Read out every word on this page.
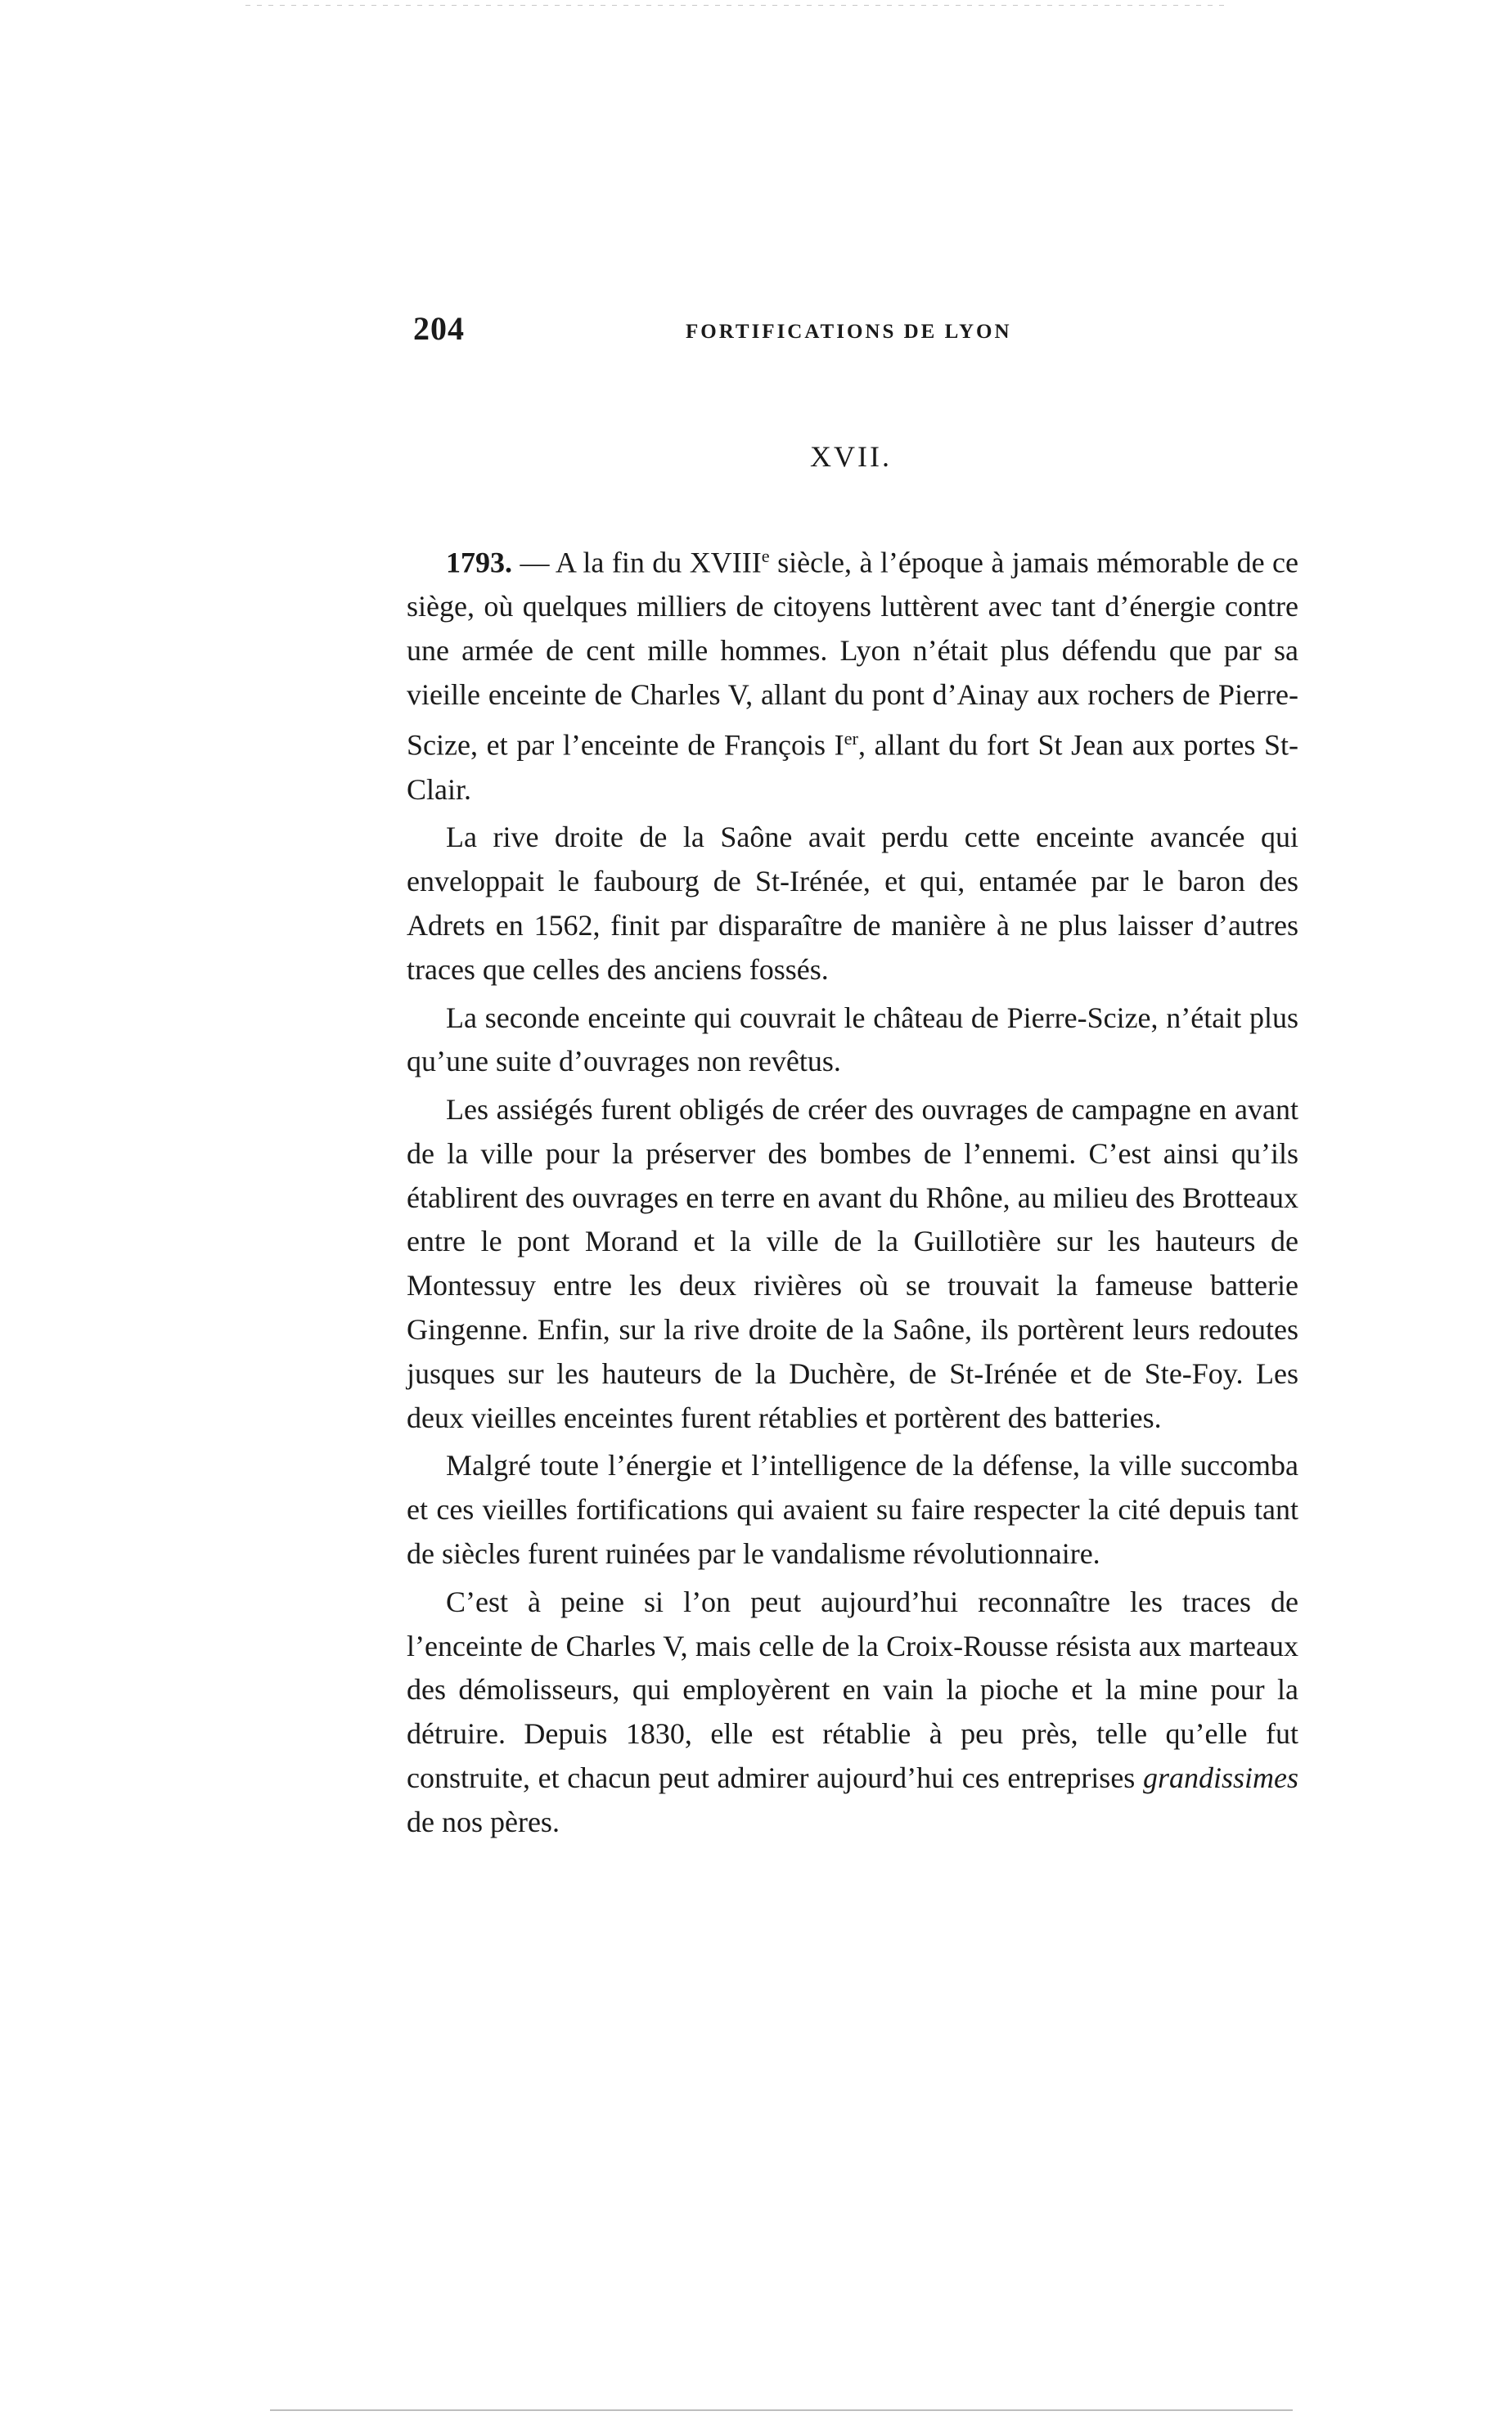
204	FORTIFICATIONS DE LYON
XVII.

1793. — A la fin du XVIIIe siècle, à l’époque à jamais mémorable de ce siège, où quelques milliers de citoyens luttèrent avec tant d’énergie contre une armée de cent mille hommes. Lyon n’était plus défendu que par sa vieille enceinte de Charles V, allant du pont d’Ainay aux rochers de Pierre-Scize, et par l’enceinte de François Ier, allant du fort St Jean aux portes St-Clair.

La rive droite de la Saône avait perdu cette enceinte avancée qui enveloppait le faubourg de St-Irénée, et qui, entamée par le baron des Adrets en 1562, finit par disparaître de manière à ne plus laisser d’autres traces que celles des anciens fossés.

La seconde enceinte qui couvrait le château de Pierre-Scize, n’était plus qu’une suite d’ouvrages non revêtus.

Les assiégés furent obligés de créer des ouvrages de campagne en avant de la ville pour la préserver des bombes de l’ennemi. C’est ainsi qu’ils établirent des ouvrages en terre en avant du Rhône, au milieu des Brotteaux entre le pont Morand et la ville de la Guillotière sur les hauteurs de Montessuy entre les deux rivières où se trouvait la fameuse batterie Gingenne. Enfin, sur la rive droite de la Saône, ils portèrent leurs redoutes jusques sur les hauteurs de la Duchère, de St-Irénée et de Ste-Foy. Les deux vieilles enceintes furent rétablies et portèrent des batteries.

Malgré toute l’énergie et l’intelligence de la défense, la ville succomba et ces vieilles fortifications qui avaient su faire respecter la cité depuis tant de siècles furent ruinées par le vandalisme révolutionnaire.

C’est à peine si l’on peut aujourd’hui reconnaître les traces de l’enceinte de Charles V, mais celle de la Croix-Rousse résista aux marteaux des démolisseurs, qui employèrent en vain la pioche et la mine pour la détruire. Depuis 1830, elle est rétablie à peu près, telle qu’elle fut construite, et chacun peut admirer aujourd’hui ces entreprises grandissimes de nos pères.
